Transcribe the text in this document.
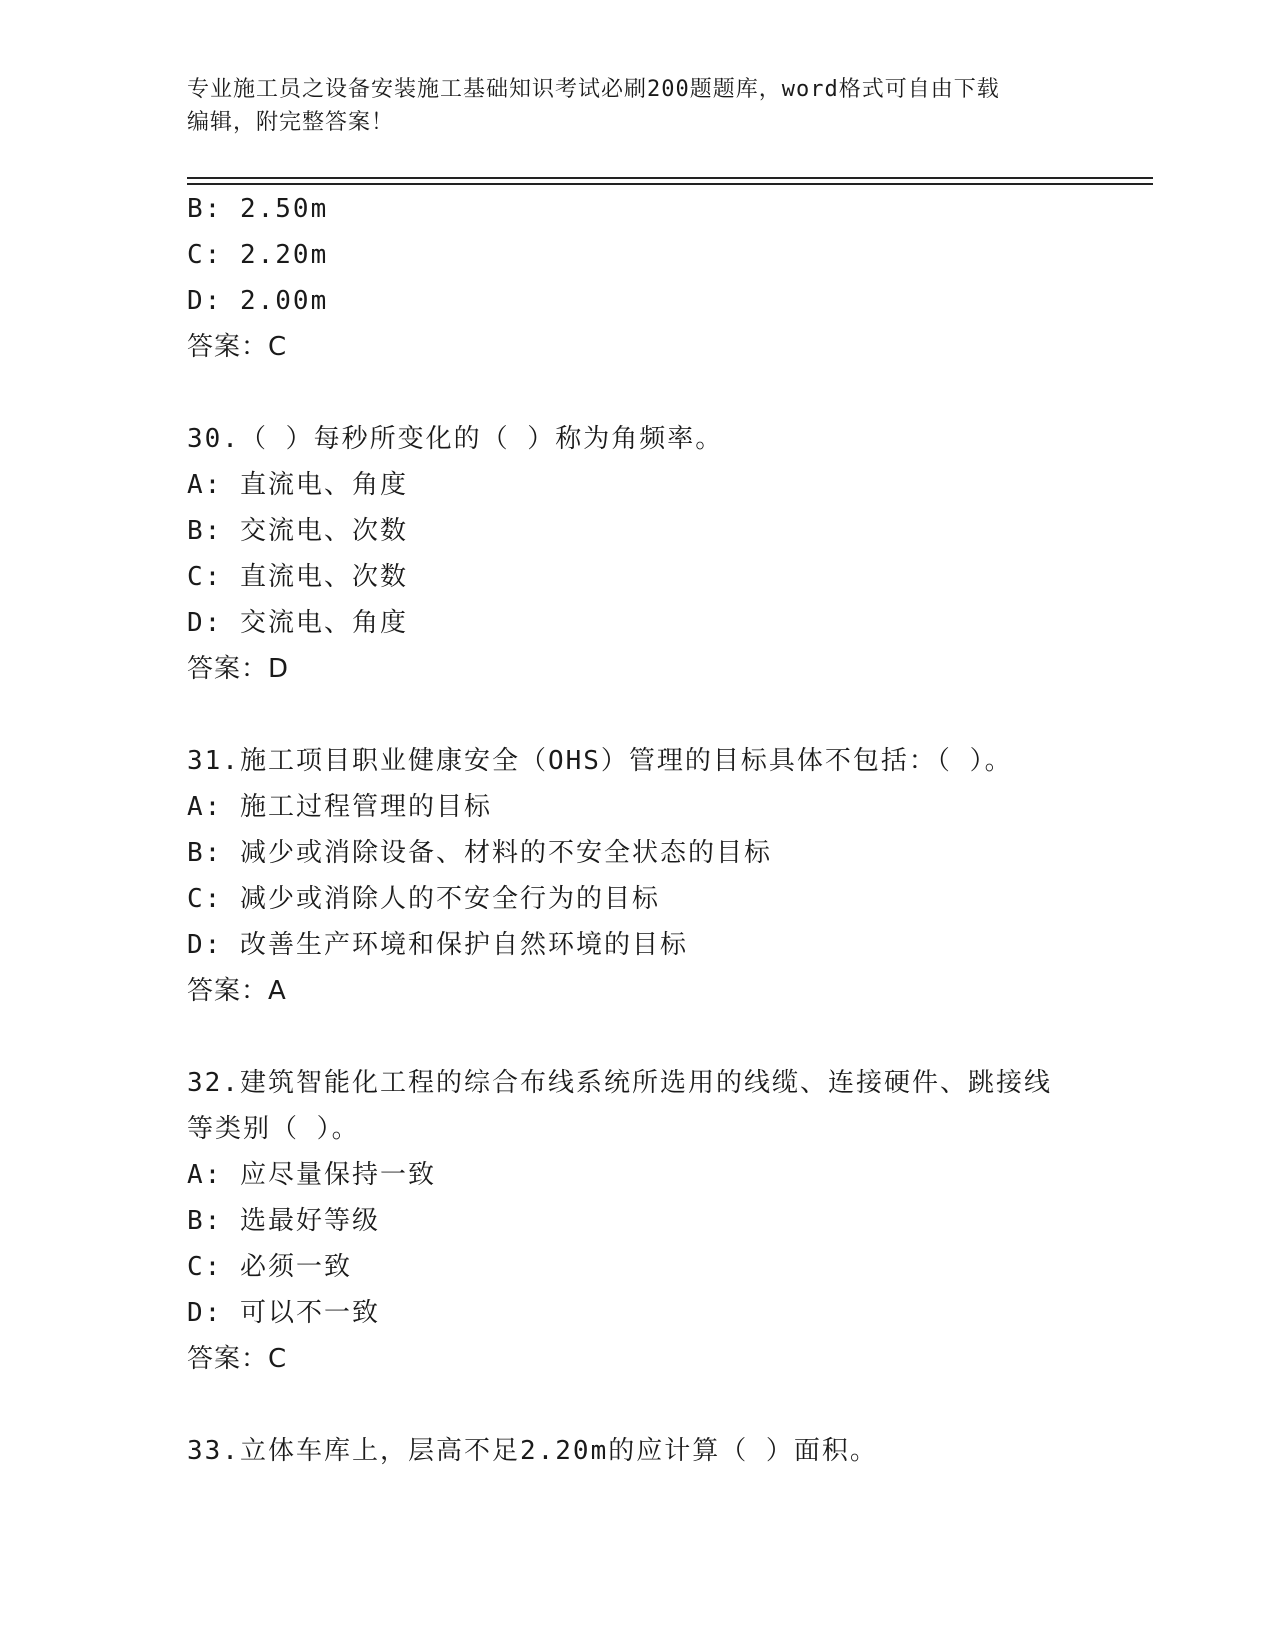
专业施工员之设备安装施工基础知识考试必刷200题题库，word格式可自由下载
编辑，附完整答案！
B: 2.50m
C: 2.20m
D: 2.00m
答案：C
30.（ ）每秒所变化的（ ）称为角频率。
A: 直流电、角度
B: 交流电、次数
C: 直流电、次数
D: 交流电、角度
答案：D
31.施工项目职业健康安全（OHS）管理的目标具体不包括：（ ）。
A: 施工过程管理的目标
B: 减少或消除设备、材料的不安全状态的目标
C: 减少或消除人的不安全行为的目标
D: 改善生产环境和保护自然环境的目标
答案：A
32.建筑智能化工程的综合布线系统所选用的线缆、连接硬件、跳接线
等类别（ ）。
A: 应尽量保持一致
B: 选最好等级
C: 必须一致
D: 可以不一致
答案：C
33.立体车库上，层高不足2.20m的应计算（ ）面积。
